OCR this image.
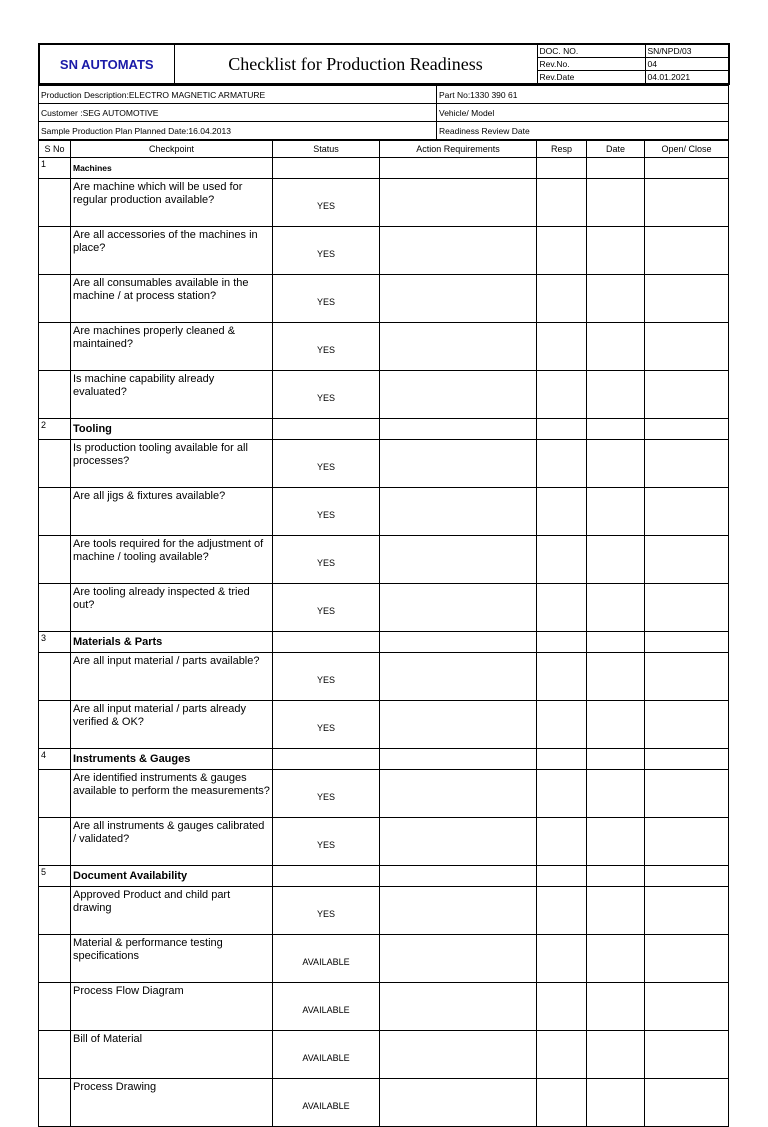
SN AUTOMATS	Checklist for Production Readiness	DOC. NO.	SN/NPD/03
		Rev.No.	04
		Rev.Date	04.01.2021
Production Description:ELECTRO MAGNETIC ARMATURE	Part No:1330 390 61
Customer :SEG AUTOMOTIVE	Vehicle/ Model
Sample Production Plan Planned Date:16.04.2013	Readiness Review Date
S No	Checkpoint	Status	Action Requirements	Resp	Date	Open/ Close
1	Machines					
	Are machine which will be used for regular production available?	YES				
	Are all accessories of the machines in place?	YES				
	Are all consumables available in the machine / at process station?	YES				
	Are machines properly cleaned & maintained?	YES				
	Is machine capability already evaluated?	YES				
2	Tooling					
	Is production tooling available for all processes?	YES				
	Are all jigs & fixtures available?	YES				
	Are tools required for the adjustment of machine / tooling available?	YES				
	Are tooling already inspected & tried out?	YES				
3	Materials & Parts					
	Are all input material / parts available?	YES				
	Are all input material / parts already verified & OK?	YES				
4	Instruments & Gauges					
	Are identified instruments & gauges available to perform the measurements?	YES				
	Are all instruments & gauges calibrated / validated?	YES				
5	Document Availability					
	Approved Product and child part drawing	YES				
	Material & performance testing specifications	AVAILABLE				
	Process Flow Diagram	AVAILABLE				
	Bill of Material	AVAILABLE				
	Process Drawing	AVAILABLE				
